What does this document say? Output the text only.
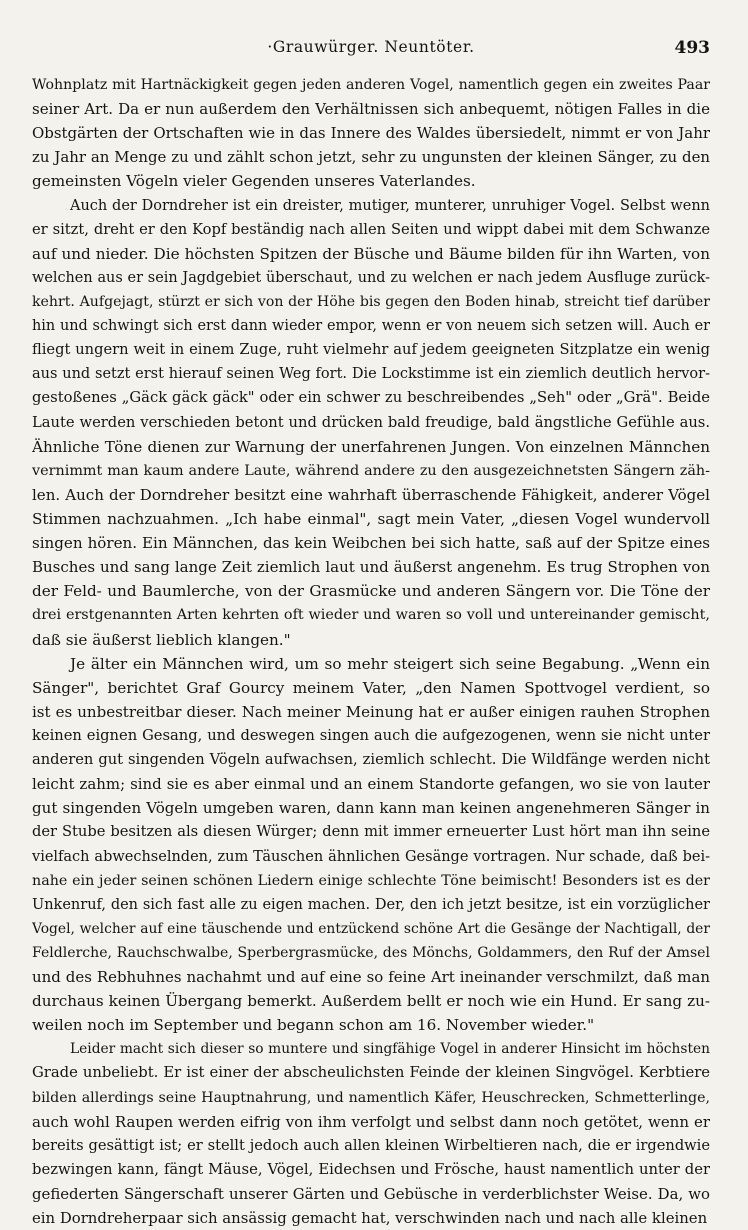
·Grauwürger. Neuntöter.	493
Wohnplatz mit Hartnäckigkeit gegen jeden anderen Vogel, namentlich gegen ein zweites Paar
seiner Art. Da er nun außerdem den Verhältnissen sich anbequemt, nötigen Falles in die
Obstgärten der Ortschaften wie in das Innere des Waldes übersiedelt, nimmt er von Jahr
zu Jahr an Menge zu und zählt schon jetzt, sehr zu ungunsten der kleinen Sänger, zu den
gemeinsten Vögeln vieler Gegenden unseres Vaterlandes.
Auch der Dorndreher ist ein dreister, mutiger, munterer, unruhiger Vogel. Selbst wenn
er sitzt, dreht er den Kopf beständig nach allen Seiten und wippt dabei mit dem Schwanze
auf und nieder. Die höchsten Spitzen der Büsche und Bäume bilden für ihn Warten, von
welchen aus er sein Jagdgebiet überschaut, und zu welchen er nach jedem Ausfluge zurück-
kehrt. Aufgejagt, stürzt er sich von der Höhe bis gegen den Boden hinab, streicht tief darüber
hin und schwingt sich erst dann wieder empor, wenn er von neuem sich setzen will. Auch er
fliegt ungern weit in einem Zuge, ruht vielmehr auf jedem geeigneten Sitzplatze ein wenig
aus und setzt erst hierauf seinen Weg fort. Die Lockstimme ist ein ziemlich deutlich hervor-
gestoßenes „Gäck gäck gäck" oder ein schwer zu beschreibendes „Seh" oder „Grä". Beide
Laute werden verschieden betont und drücken bald freudige, bald ängstliche Gefühle aus.
Ähnliche Töne dienen zur Warnung der unerfahrenen Jungen. Von einzelnen Männchen
vernimmt man kaum andere Laute, während andere zu den ausgezeichnetsten Sängern zäh-
len. Auch der Dorndreher besitzt eine wahrhaft überraschende Fähigkeit, anderer Vögel
Stimmen nachzuahmen. „Ich habe einmal", sagt mein Vater, „diesen Vogel wundervoll
singen hören. Ein Männchen, das kein Weibchen bei sich hatte, saß auf der Spitze eines
Busches und sang lange Zeit ziemlich laut und äußerst angenehm. Es trug Strophen von
der Feld- und Baumlerche, von der Grasmücke und anderen Sängern vor. Die Töne der
drei erstgenannten Arten kehrten oft wieder und waren so voll und untereinander gemischt,
daß sie äußerst lieblich klangen."
Je älter ein Männchen wird, um so mehr steigert sich seine Begabung. „Wenn ein
Sänger", berichtet Graf Gourcy meinem Vater, „den Namen Spottvogel verdient, so
ist es unbestreitbar dieser. Nach meiner Meinung hat er außer einigen rauhen Strophen
keinen eignen Gesang, und deswegen singen auch die aufgezogenen, wenn sie nicht unter
anderen gut singenden Vögeln aufwachsen, ziemlich schlecht. Die Wildfänge werden nicht
leicht zahm; sind sie es aber einmal und an einem Standorte gefangen, wo sie von lauter
gut singenden Vögeln umgeben waren, dann kann man keinen angenehmeren Sänger in
der Stube besitzen als diesen Würger; denn mit immer erneuerter Lust hört man ihn seine
vielfach abwechselnden, zum Täuschen ähnlichen Gesänge vortragen. Nur schade, daß bei-
nahe ein jeder seinen schönen Liedern einige schlechte Töne beimischt! Besonders ist es der
Unkenruf, den sich fast alle zu eigen machen. Der, den ich jetzt besitze, ist ein vorzüglicher
Vogel, welcher auf eine täuschende und entzückend schöne Art die Gesänge der Nachtigall, der
Feldlerche, Rauchschwalbe, Sperbergrasmücke, des Mönchs, Goldammers, den Ruf der Amsel
und des Rebhuhnes nachahmt und auf eine so feine Art ineinander verschmilzt, daß man
durchaus keinen Übergang bemerkt. Außerdem bellt er noch wie ein Hund. Er sang zu-
weilen noch im September und begann schon am 16. November wieder."
Leider macht sich dieser so muntere und singfähige Vogel in anderer Hinsicht im höchsten
Grade unbeliebt. Er ist einer der abscheulichsten Feinde der kleinen Singvögel. Kerbtiere
bilden allerdings seine Hauptnahrung, und namentlich Käfer, Heuschrecken, Schmetterlinge,
auch wohl Raupen werden eifrig von ihm verfolgt und selbst dann noch getötet, wenn er
bereits gesättigt ist; er stellt jedoch auch allen kleinen Wirbeltieren nach, die er irgendwie
bezwingen kann, fängt Mäuse, Vögel, Eidechsen und Frösche, haust namentlich unter der
gefiederten Sängerschaft unserer Gärten und Gebüsche in verderblichster Weise. Da, wo
ein Dorndreherpaar sich ansässig gemacht hat, verschwinden nach und nach alle kleinen
